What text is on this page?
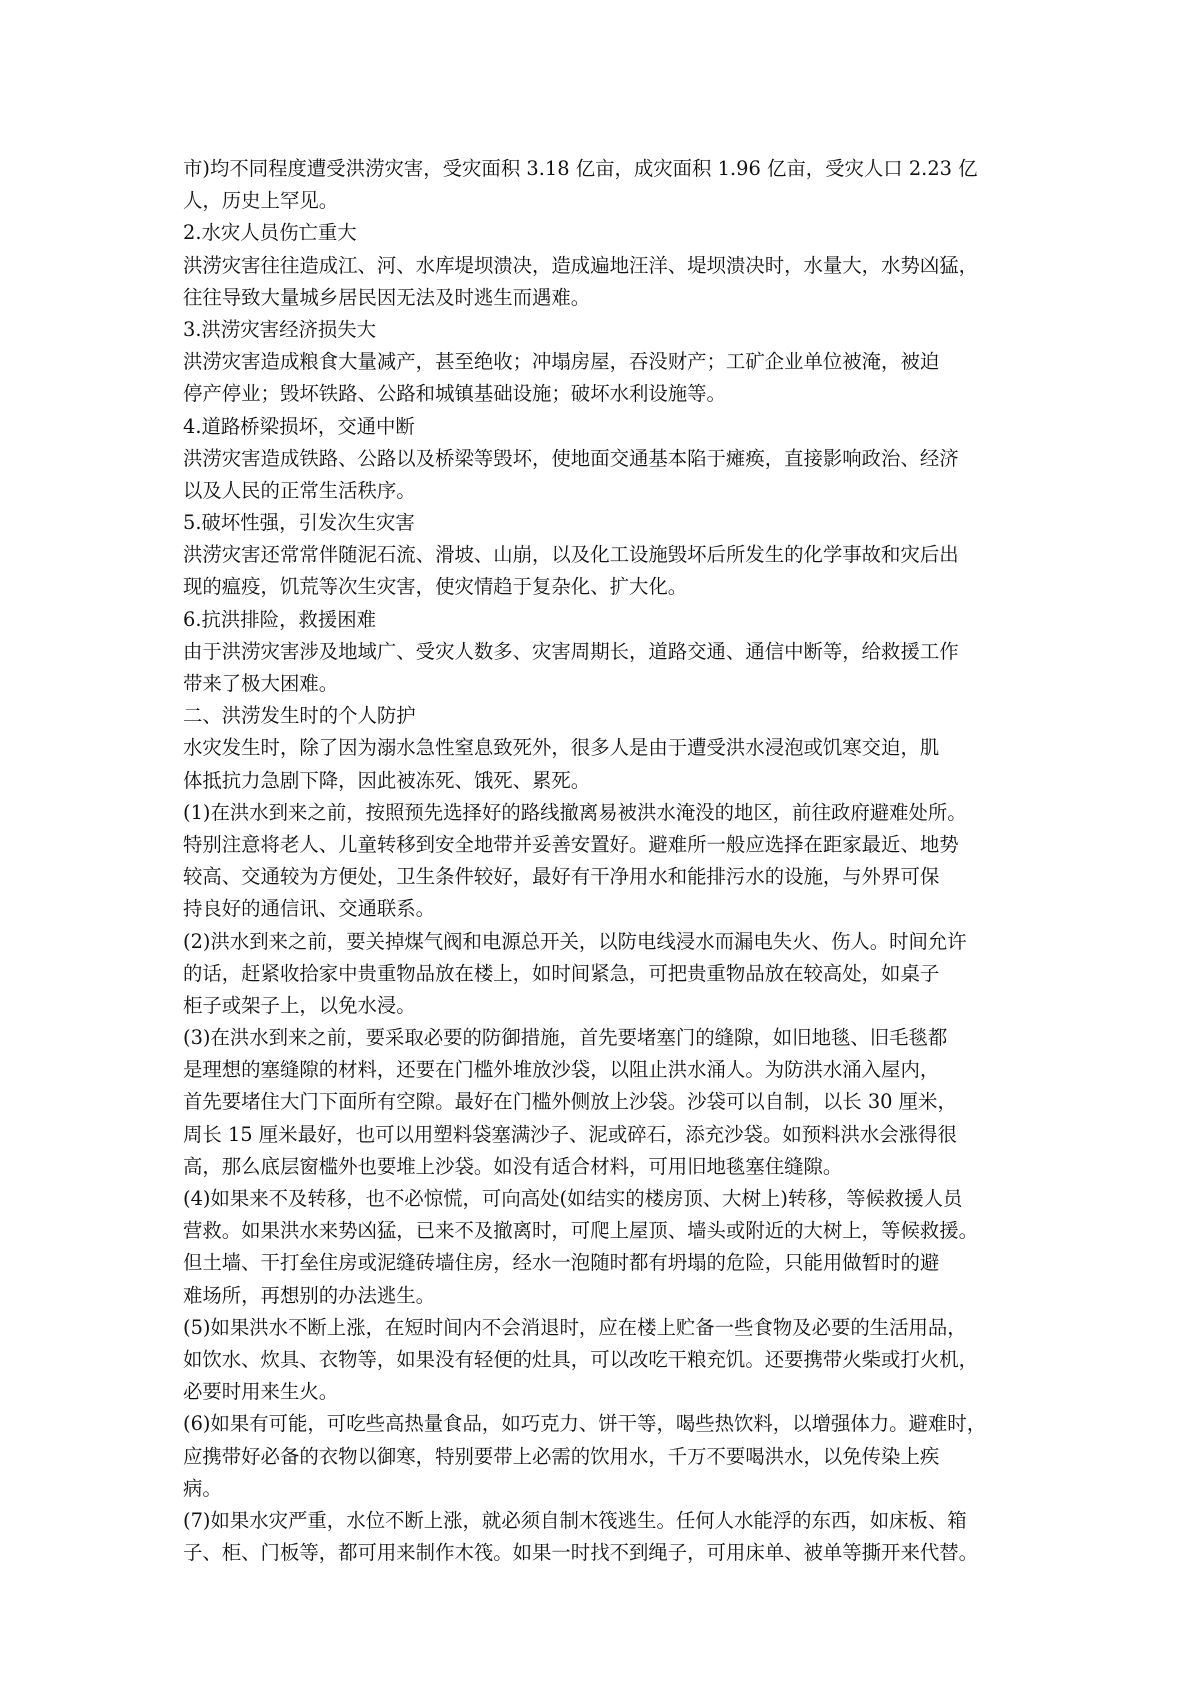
市)均不同程度遭受洪涝灾害，受灾面积 3.18 亿亩，成灾面积 1.96 亿亩，受灾人口 2.23 亿
人，历史上罕见。
2.水灾人员伤亡重大
洪涝灾害往往造成江、河、水库堤坝溃决，造成遍地汪洋、堤坝溃决时，水量大，水势凶猛，
往往导致大量城乡居民因无法及时逃生而遇难。
3.洪涝灾害经济损失大
洪涝灾害造成粮食大量减产，甚至绝收；冲塌房屋，吞没财产；工矿企业单位被淹，被迫
停产停业；毁坏铁路、公路和城镇基础设施；破坏水利设施等。
4.道路桥梁损坏，交通中断
洪涝灾害造成铁路、公路以及桥梁等毁坏，使地面交通基本陷于瘫痪，直接影响政治、经济
以及人民的正常生活秩序。
5.破坏性强，引发次生灾害
洪涝灾害还常常伴随泥石流、滑坡、山崩，以及化工设施毁坏后所发生的化学事故和灾后出
现的瘟疫，饥荒等次生灾害，使灾情趋于复杂化、扩大化。
6.抗洪排险，救援困难
由于洪涝灾害涉及地域广、受灾人数多、灾害周期长，道路交通、通信中断等，给救援工作
带来了极大困难。
二、洪涝发生时的个人防护
水灾发生时，除了因为溺水急性窒息致死外，很多人是由于遭受洪水浸泡或饥寒交迫，肌
体抵抗力急剧下降，因此被冻死、饿死、累死。
(1)在洪水到来之前，按照预先选择好的路线撤离易被洪水淹没的地区，前往政府避难处所。
特别注意将老人、儿童转移到安全地带并妥善安置好。避难所一般应选择在距家最近、地势
较高、交通较为方便处，卫生条件较好，最好有干净用水和能排污水的设施，与外界可保
持良好的通信讯、交通联系。
(2)洪水到来之前，要关掉煤气阀和电源总开关，以防电线浸水而漏电失火、伤人。时间允许
的话，赶紧收拾家中贵重物品放在楼上，如时间紧急，可把贵重物品放在较高处，如桌子
柜子或架子上，以免水浸。
(3)在洪水到来之前，要采取必要的防御措施，首先要堵塞门的缝隙，如旧地毯、旧毛毯都
是理想的塞缝隙的材料，还要在门槛外堆放沙袋，以阻止洪水涌人。为防洪水涌入屋内，
首先要堵住大门下面所有空隙。最好在门槛外侧放上沙袋。沙袋可以自制，以长 30 厘米，
周长 15 厘米最好，也可以用塑料袋塞满沙子、泥或碎石，添充沙袋。如预料洪水会涨得很
高，那么底层窗槛外也要堆上沙袋。如没有适合材料，可用旧地毯塞住缝隙。
(4)如果来不及转移，也不必惊慌，可向高处(如结实的楼房顶、大树上)转移，等候救援人员
营救。如果洪水来势凶猛，已来不及撤离时，可爬上屋顶、墙头或附近的大树上，等候救援。
但土墙、干打垒住房或泥缝砖墙住房，经水一泡随时都有坍塌的危险，只能用做暂时的避
难场所，再想别的办法逃生。
(5)如果洪水不断上涨，在短时间内不会消退时，应在楼上贮备一些食物及必要的生活用品，
如饮水、炊具、衣物等，如果没有轻便的灶具，可以改吃干粮充饥。还要携带火柴或打火机，
必要时用来生火。
(6)如果有可能，可吃些高热量食品，如巧克力、饼干等，喝些热饮料，以增强体力。避难时，
应携带好必备的衣物以御寒，特别要带上必需的饮用水，千万不要喝洪水，以免传染上疾
病。
(7)如果水灾严重，水位不断上涨，就必须自制木筏逃生。任何人水能浮的东西，如床板、箱
子、柜、门板等，都可用来制作木筏。如果一时找不到绳子，可用床单、被单等撕开来代替。
